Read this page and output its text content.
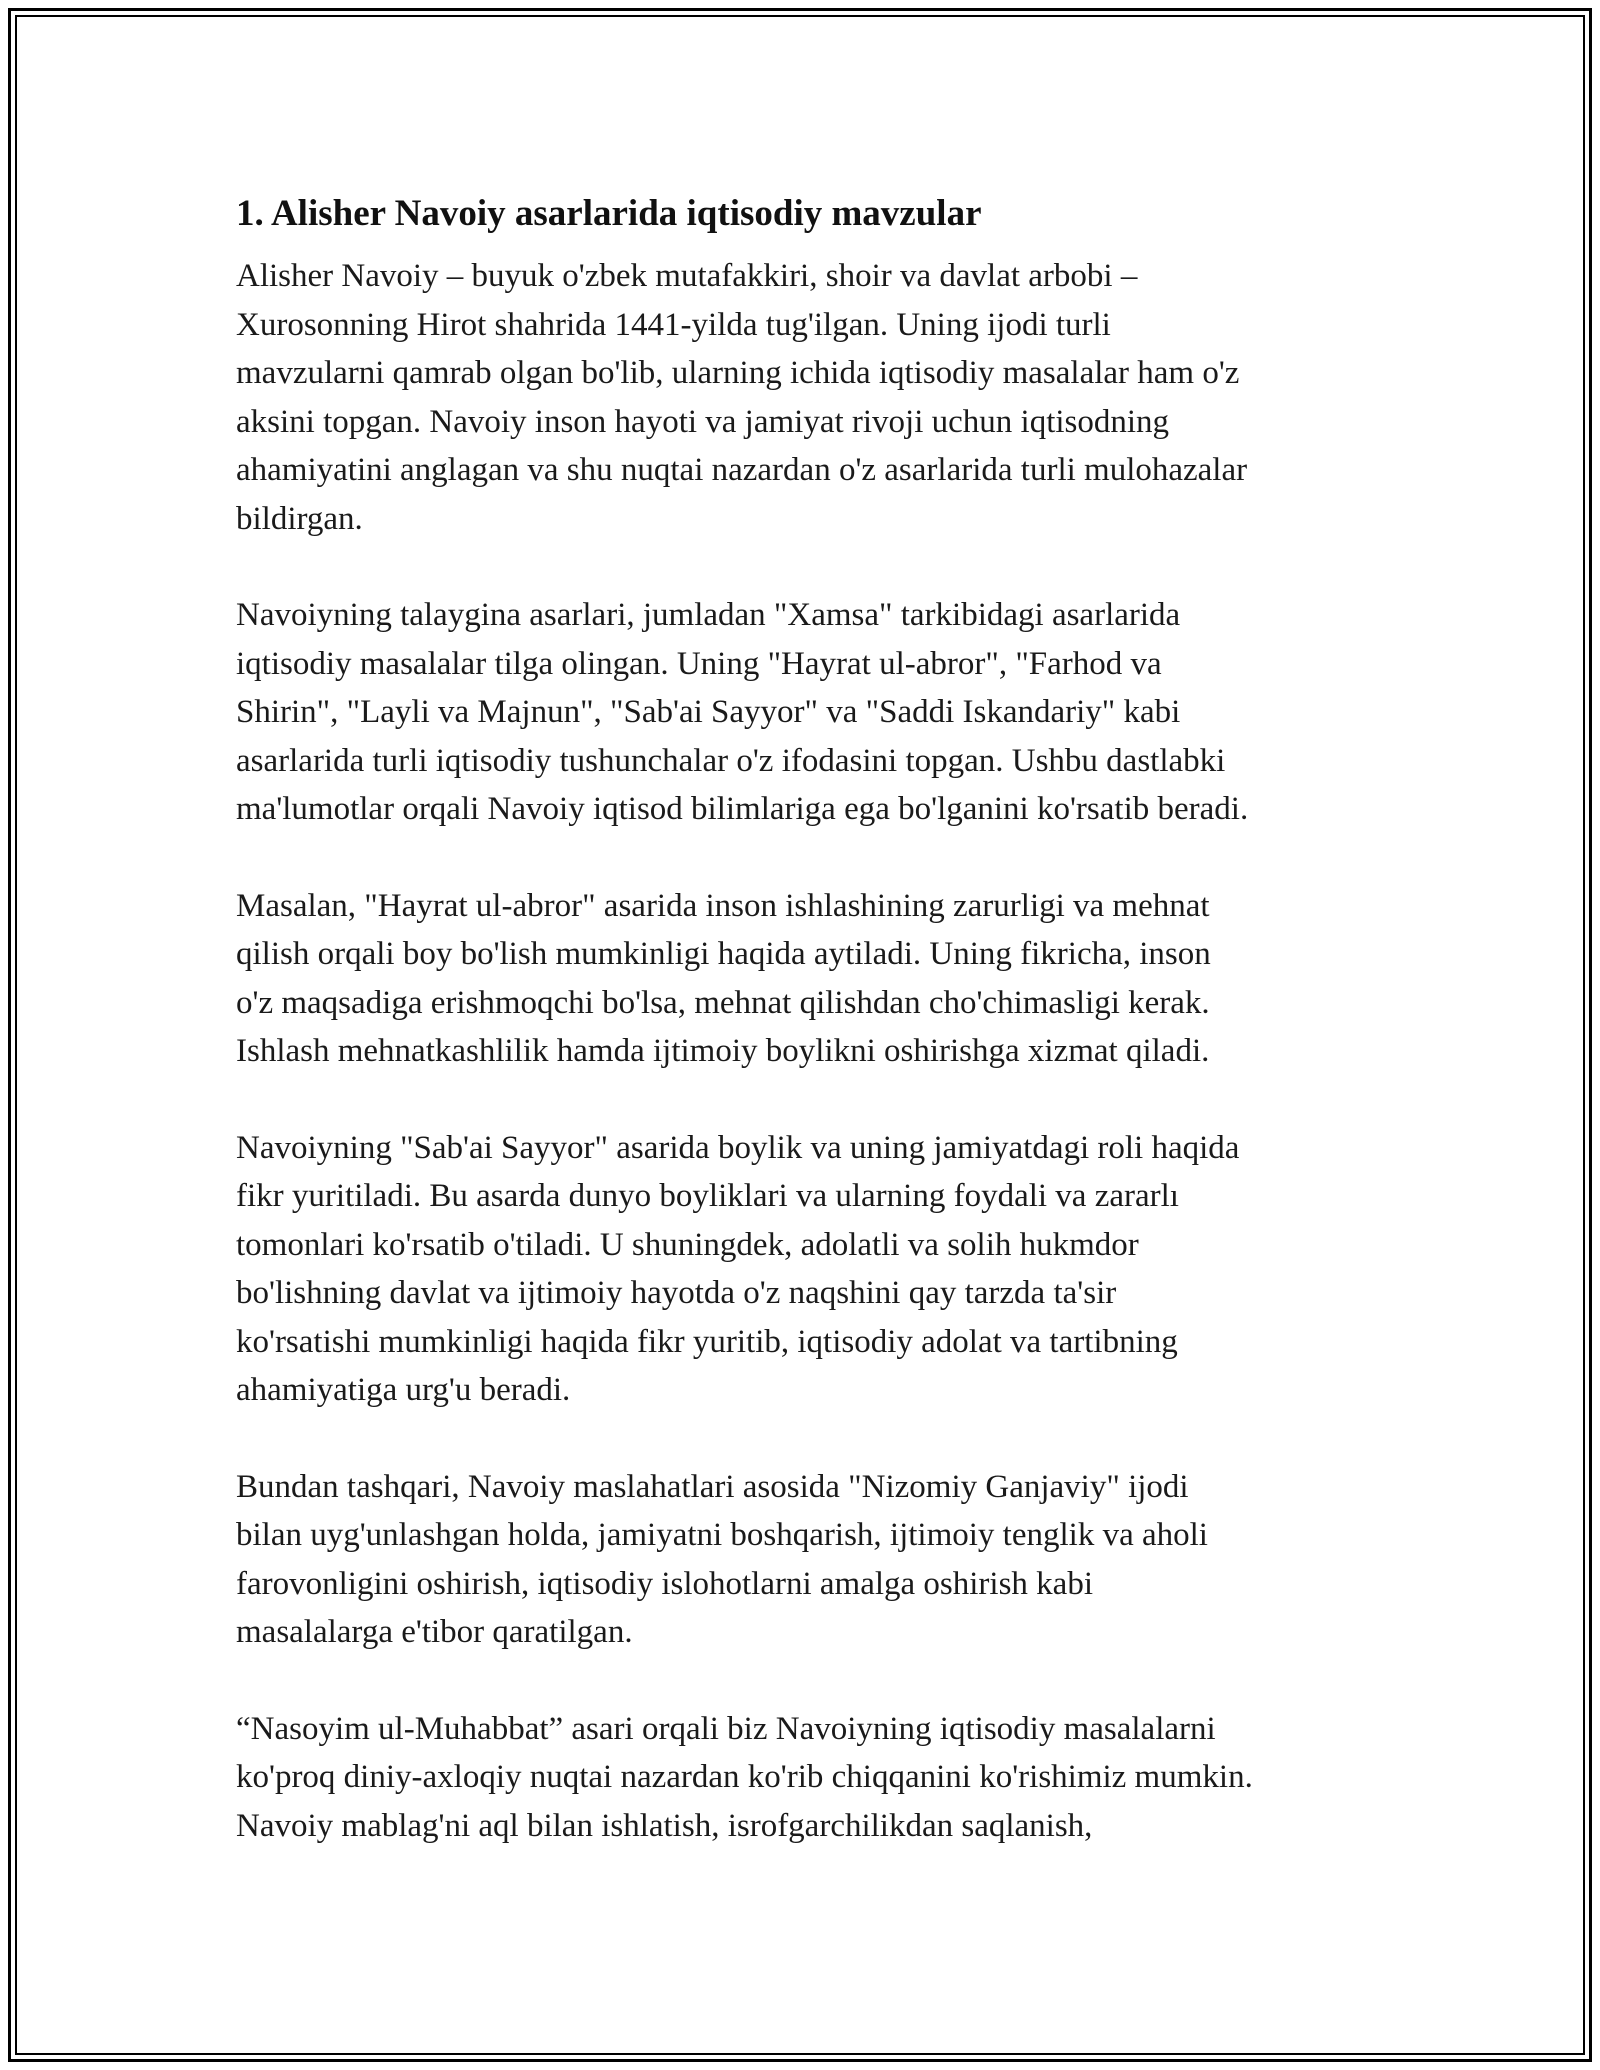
1. Alisher Navoiy asarlarida iqtisodiy mavzular

Alisher Navoiy – buyuk o'zbek mutafakkiri, shoir va davlat arbobi –
Xurosonning Hirot shahrida 1441-yilda tug'ilgan. Uning ijodi turli
mavzularni qamrab olgan bo'lib, ularning ichida iqtisodiy masalalar ham o'z
aksini topgan. Navoiy inson hayoti va jamiyat rivoji uchun iqtisodning
ahamiyatini anglagan va shu nuqtai nazardan o'z asarlarida turli mulohazalar
bildirgan.

Navoiyning talaygina asarlari, jumladan "Xamsa" tarkibidagi asarlarida
iqtisodiy masalalar tilga olingan. Uning "Hayrat ul-abror", "Farhod va
Shirin", "Layli va Majnun", "Sab'ai Sayyor" va "Saddi Iskandariy" kabi
asarlarida turli iqtisodiy tushunchalar o'z ifodasini topgan. Ushbu dastlabki
ma'lumotlar orqali Navoiy iqtisod bilimlariga ega bo'lganini ko'rsatib beradi.

Masalan, "Hayrat ul-abror" asarida inson ishlashining zarurligi va mehnat
qilish orqali boy bo'lish mumkinligi haqida aytiladi. Uning fikricha, inson
o'z maqsadiga erishmoqchi bo'lsa, mehnat qilishdan cho'chimasligi kerak.
Ishlash mehnatkashlilik hamda ijtimoiy boylikni oshirishga xizmat qiladi.

Navoiyning "Sab'ai Sayyor" asarida boylik va uning jamiyatdagi roli haqida
fikr yuritiladi. Bu asarda dunyo boyliklari va ularning foydali va zararlı
tomonlari ko'rsatib o'tiladi. U shuningdek, adolatli va solih hukmdor
bo'lishning davlat va ijtimoiy hayotda o'z naqshini qay tarzda ta'sir
ko'rsatishi mumkinligi haqida fikr yuritib, iqtisodiy adolat va tartibning
ahamiyatiga urg'u beradi.

Bundan tashqari, Navoiy maslahatlari asosida "Nizomiy Ganjaviy" ijodi
bilan uyg'unlashgan holda, jamiyatni boshqarish, ijtimoiy tenglik va aholi
farovonligini oshirish, iqtisodiy islohotlarni amalga oshirish kabi
masalalarga e'tibor qaratilgan.

“Nasoyim ul-Muhabbat” asari orqali biz Navoiyning iqtisodiy masalalarni
ko'proq diniy-axloqiy nuqtai nazardan ko'rib chiqqanini ko'rishimiz mumkin.
Navoiy mablag'ni aql bilan ishlatish, isrofgarchilikdan saqlanish,
